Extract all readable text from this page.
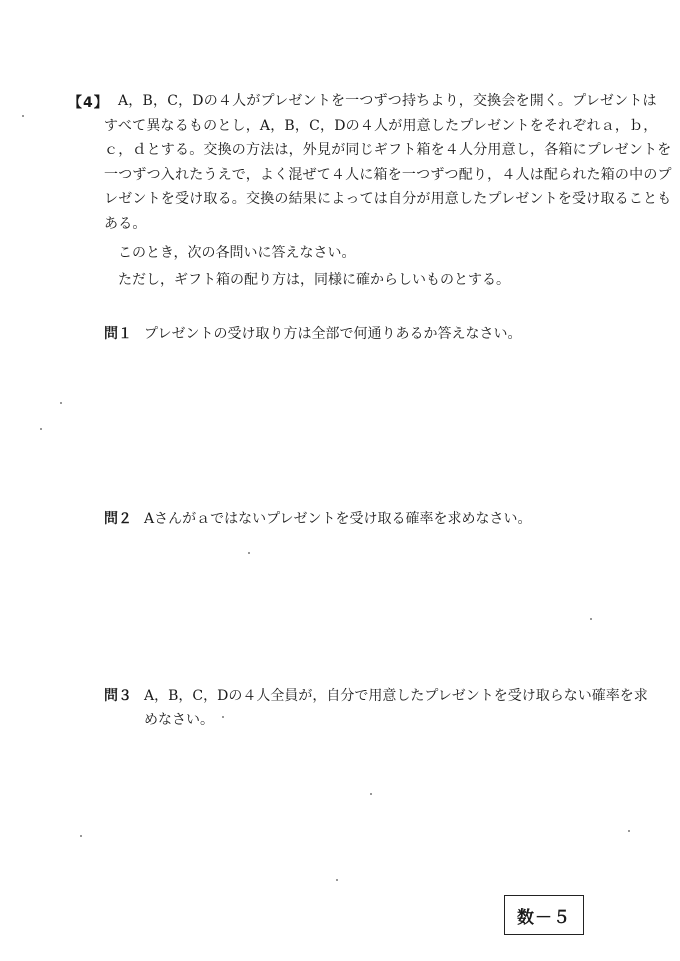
【4】 A，B，C，Dの４人がプレゼントを一つずつ持ちより，交換会を開く。プレゼントは
すべて異なるものとし，A，B，C，Dの４人が用意したプレゼントをそれぞれａ，ｂ，
ｃ，ｄとする。交換の方法は，外見が同じギフト箱を４人分用意し，各箱にプレゼントを
一つずつ入れたうえで，よく混ぜて４人に箱を一つずつ配り，４人は配られた箱の中のプ
レゼントを受け取る。交換の結果によっては自分が用意したプレゼントを受け取ることも
ある。
このとき，次の各問いに答えなさい。
ただし，ギフト箱の配り方は，同様に確からしいものとする。
問１ プレゼントの受け取り方は全部で何通りあるか答えなさい。
問２ Aさんがａではないプレゼントを受け取る確率を求めなさい。
問３ A，B，C，Dの４人全員が，自分で用意したプレゼントを受け取らない確率を求
めなさい。
数－５
